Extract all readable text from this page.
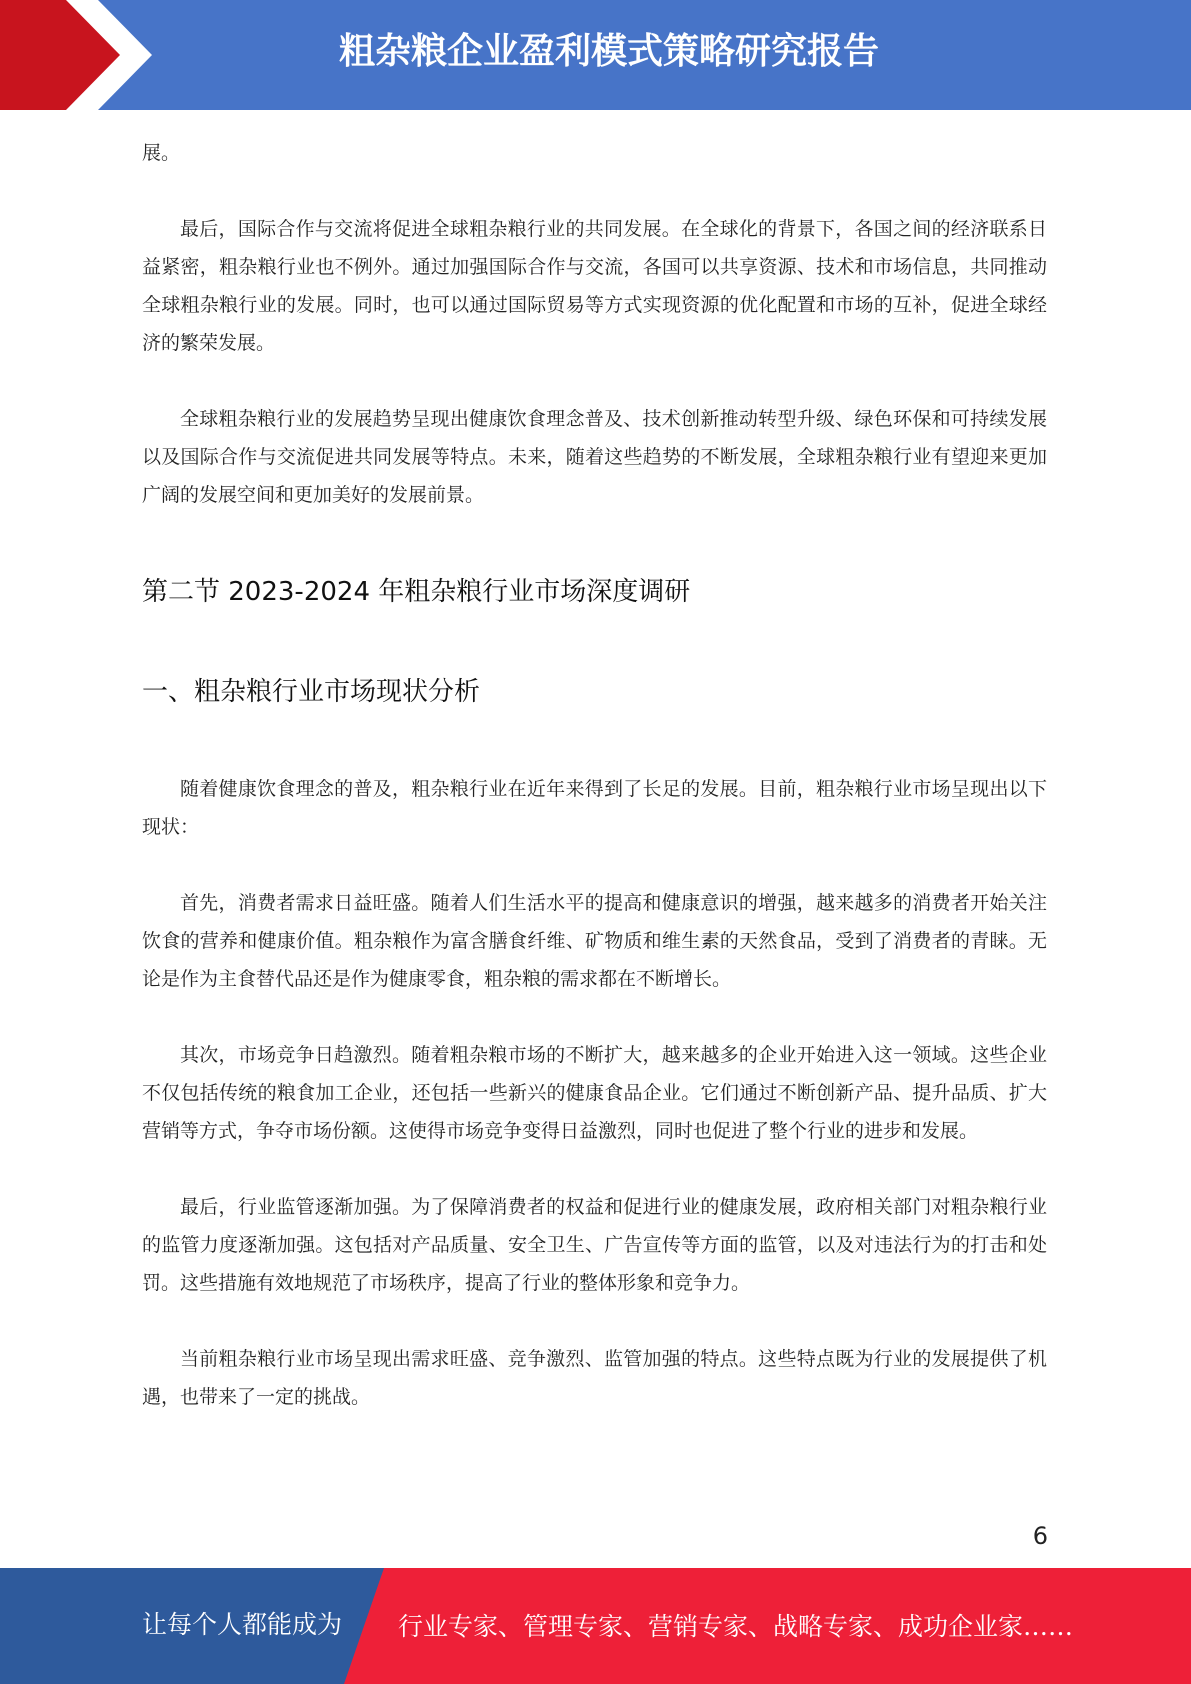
粗杂粮企业盈利模式策略研究报告

展。

最后，国际合作与交流将促进全球粗杂粮行业的共同发展。在全球化的背景下，各国之间的经济联系日益紧密，粗杂粮行业也不例外。通过加强国际合作与交流，各国可以共享资源、技术和市场信息，共同推动全球粗杂粮行业的发展。同时，也可以通过国际贸易等方式实现资源的优化配置和市场的互补，促进全球经济的繁荣发展。

全球粗杂粮行业的发展趋势呈现出健康饮食理念普及、技术创新推动转型升级、绿色环保和可持续发展以及国际合作与交流促进共同发展等特点。未来，随着这些趋势的不断发展，全球粗杂粮行业有望迎来更加广阔的发展空间和更加美好的发展前景。

第二节 2023-2024 年粗杂粮行业市场深度调研
一、粗杂粮行业市场现状分析

随着健康饮食理念的普及，粗杂粮行业在近年来得到了长足的发展。目前，粗杂粮行业市场呈现出以下现状：

首先，消费者需求日益旺盛。随着人们生活水平的提高和健康意识的增强，越来越多的消费者开始关注饮食的营养和健康价值。粗杂粮作为富含膳食纤维、矿物质和维生素的天然食品，受到了消费者的青睐。无论是作为主食替代品还是作为健康零食，粗杂粮的需求都在不断增长。

其次，市场竞争日趋激烈。随着粗杂粮市场的不断扩大，越来越多的企业开始进入这一领域。这些企业不仅包括传统的粮食加工企业，还包括一些新兴的健康食品企业。它们通过不断创新产品、提升品质、扩大营销等方式，争夺市场份额。这使得市场竞争变得日益激烈，同时也促进了整个行业的进步和发展。

最后，行业监管逐渐加强。为了保障消费者的权益和促进行业的健康发展，政府相关部门对粗杂粮行业的监管力度逐渐加强。这包括对产品质量、安全卫生、广告宣传等方面的监管，以及对违法行为的打击和处罚。这些措施有效地规范了市场秩序，提高了行业的整体形象和竞争力。

当前粗杂粮行业市场呈现出需求旺盛、竞争激烈、监管加强的特点。这些特点既为行业的发展提供了机遇，也带来了一定的挑战。

6
让每个人都能成为 行业专家、管理专家、营销专家、战略专家、成功企业家……
